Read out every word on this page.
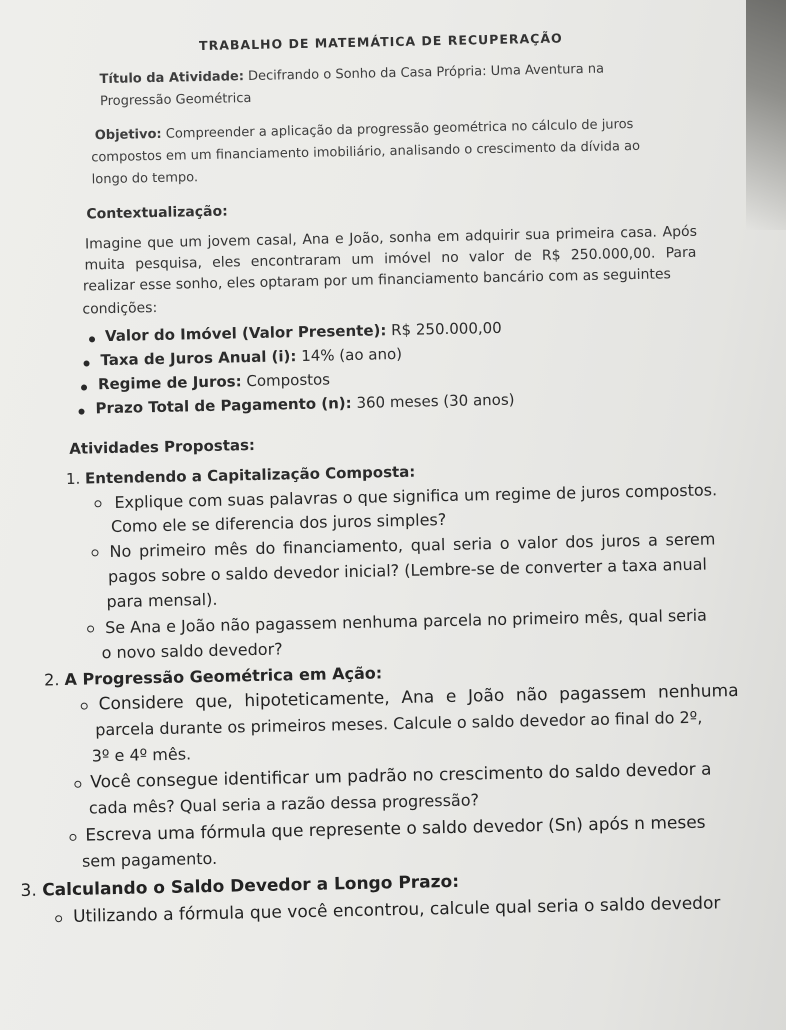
TRABALHO DE MATEMÁTICA DE RECUPERAÇÃO
Título da Atividade: Decifrando o Sonho da Casa Própria: Uma Aventura na
Progressão Geométrica
Objetivo: Compreender a aplicação da progressão geométrica no cálculo de juros
compostos em um financiamento imobiliário, analisando o crescimento da dívida ao
longo do tempo.
Contextualização:
Imagine que um jovem casal, Ana e João, sonha em adquirir sua primeira casa. Após
muita pesquisa, eles encontraram um imóvel no valor de R$ 250.000,00. Para
realizar esse sonho, eles optaram por um financiamento bancário com as seguintes
condições:
Valor do Imóvel (Valor Presente): R$ 250.000,00
Taxa de Juros Anual (i): 14% (ao ano)
Regime de Juros: Compostos
Prazo Total de Pagamento (n): 360 meses (30 anos)
Atividades Propostas:
1. Entendendo a Capitalização Composta:
Explique com suas palavras o que significa um regime de juros compostos.
Como ele se diferencia dos juros simples?
No primeiro mês do financiamento, qual seria o valor dos juros a serem
pagos sobre o saldo devedor inicial? (Lembre-se de converter a taxa anual
para mensal).
Se Ana e João não pagassem nenhuma parcela no primeiro mês, qual seria
o novo saldo devedor?
2. A Progressão Geométrica em Ação:
Considere que, hipoteticamente, Ana e João não pagassem nenhuma
parcela durante os primeiros meses. Calcule o saldo devedor ao final do 2º,
3º e 4º mês.
Você consegue identificar um padrão no crescimento do saldo devedor a
cada mês? Qual seria a razão dessa progressão?
Escreva uma fórmula que represente o saldo devedor (Sn) após n meses
sem pagamento.
3. Calculando o Saldo Devedor a Longo Prazo:
Utilizando a fórmula que você encontrou, calcule qual seria o saldo devedor
